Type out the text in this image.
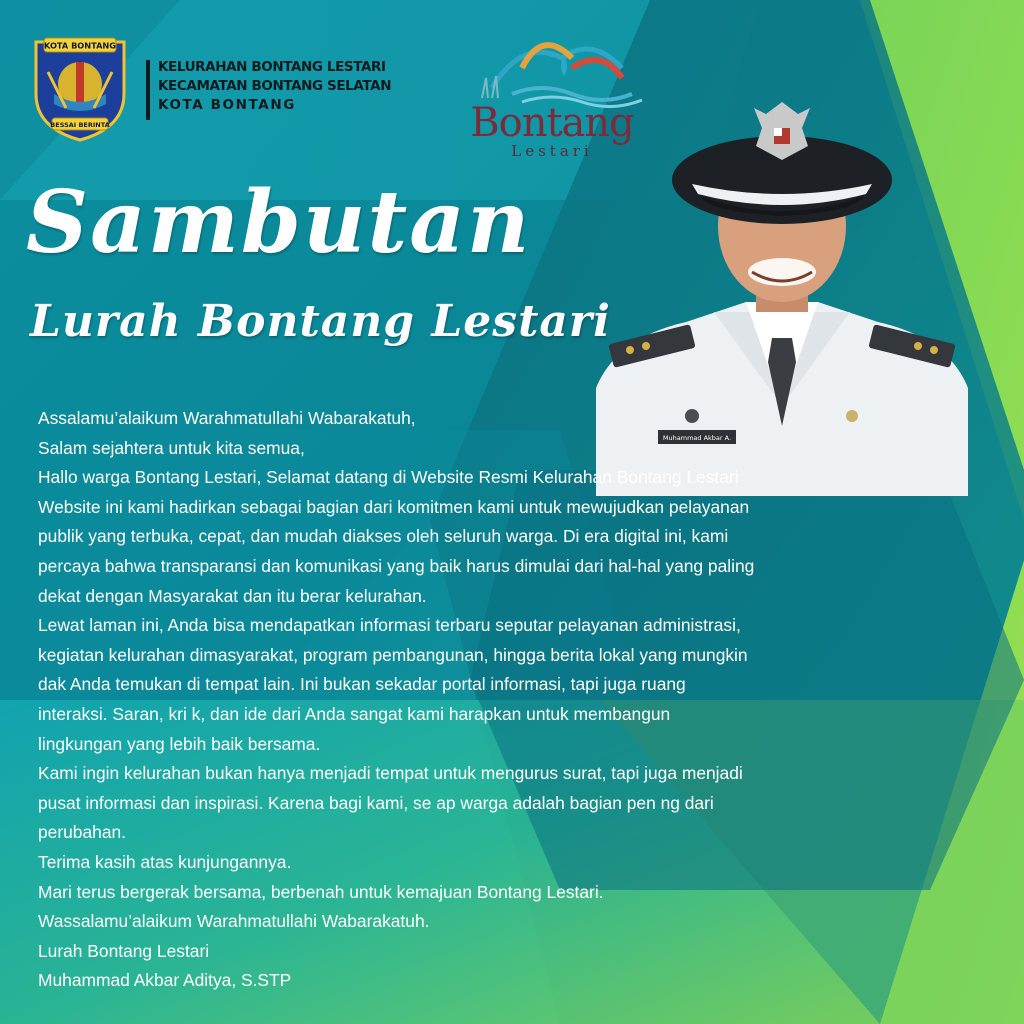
KOTA BONTANG
BESSAI BERINTA
KELURAHAN BONTANG LESTARI
KECAMATAN BONTANG SELATAN
KOTA BONTANG	Bontang
Lestari
Sambutan
Lurah Bontang Lestari
Muhammad Akbar A.

Assalamu’alaikum Warahmatullahi Wabarakatuh,

Salam sejahtera untuk kita semua,

Hallo warga Bontang Lestari, Selamat datang di Website Resmi Kelurahan Bontang Lestari

Website ini kami hadirkan sebagai bagian dari komitmen kami untuk mewujudkan pelayanan

publik yang terbuka, cepat, dan mudah diakses oleh seluruh warga. Di era digital ini, kami

percaya bahwa transparansi dan komunikasi yang baik harus dimulai dari hal-hal yang paling

dekat dengan Masyarakat dan itu berar kelurahan.

Lewat laman ini, Anda bisa mendapatkan informasi terbaru seputar pelayanan administrasi,

kegiatan kelurahan dimasyarakat, program pembangunan, hingga berita lokal yang mungkin

dak Anda temukan di tempat lain. Ini bukan sekadar portal informasi, tapi juga ruang

interaksi. Saran, kri k, dan ide dari Anda sangat kami harapkan untuk membangun

lingkungan yang lebih baik bersama.

Kami ingin kelurahan bukan hanya menjadi tempat untuk mengurus surat, tapi juga menjadi

pusat informasi dan inspirasi. Karena bagi kami, se ap warga adalah bagian pen ng dari

perubahan.

Terima kasih atas kunjungannya.

Mari terus bergerak bersama, berbenah untuk kemajuan Bontang Lestari.

Wassalamu’alaikum Warahmatullahi Wabarakatuh.

Lurah Bontang Lestari

Muhammad Akbar Aditya, S.STP
